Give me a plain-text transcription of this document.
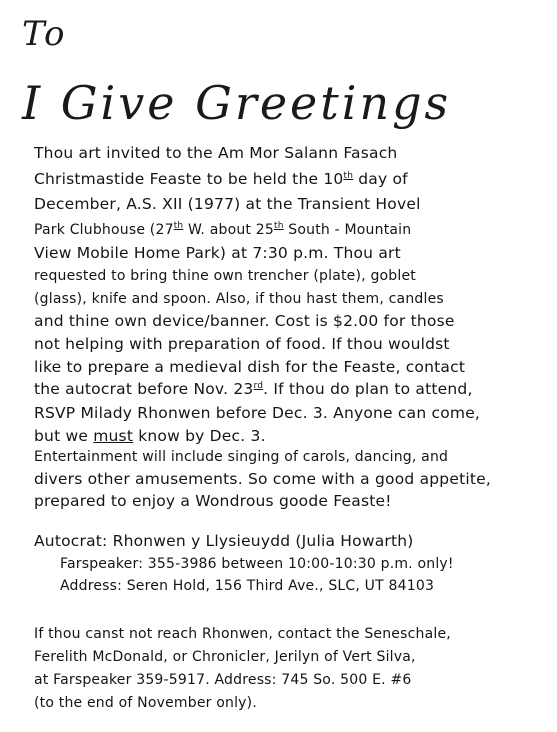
To
I Give Greetings
Thou art invited to the Am Mor Salann Fasach
Christmastide Feaste to be held the 10th day of
December, A.S. XII (1977) at the Transient Hovel
Park Clubhouse (27th W. about 25th South - Mountain
View Mobile Home Park) at 7:30 p.m. Thou art
requested to bring thine own trencher (plate), goblet
(glass), knife and spoon. Also, if thou hast them, candles
and thine own device/banner. Cost is $2.00 for those
not helping with preparation of food. If thou wouldst
like to prepare a medieval dish for the Feaste, contact
the autocrat before Nov. 23rd. If thou do plan to attend,
RSVP Milady Rhonwen before Dec. 3. Anyone can come,
but we must know by Dec. 3.
Entertainment will include singing of carols, dancing, and
divers other amusements. So come with a good appetite,
prepared to enjoy a Wondrous goode Feaste!
Autocrat: Rhonwen y Llysieuydd (Julia Howarth)
Farspeaker: 355-3986 between 10:00-10:30 p.m. only!
Address: Seren Hold, 156 Third Ave., SLC, UT 84103
If thou canst not reach Rhonwen, contact the Seneschale,
Ferelith McDonald, or Chronicler, Jerilyn of Vert Silva,
at Farspeaker 359-5917. Address: 745 So. 500 E. #6
(to the end of November only).
